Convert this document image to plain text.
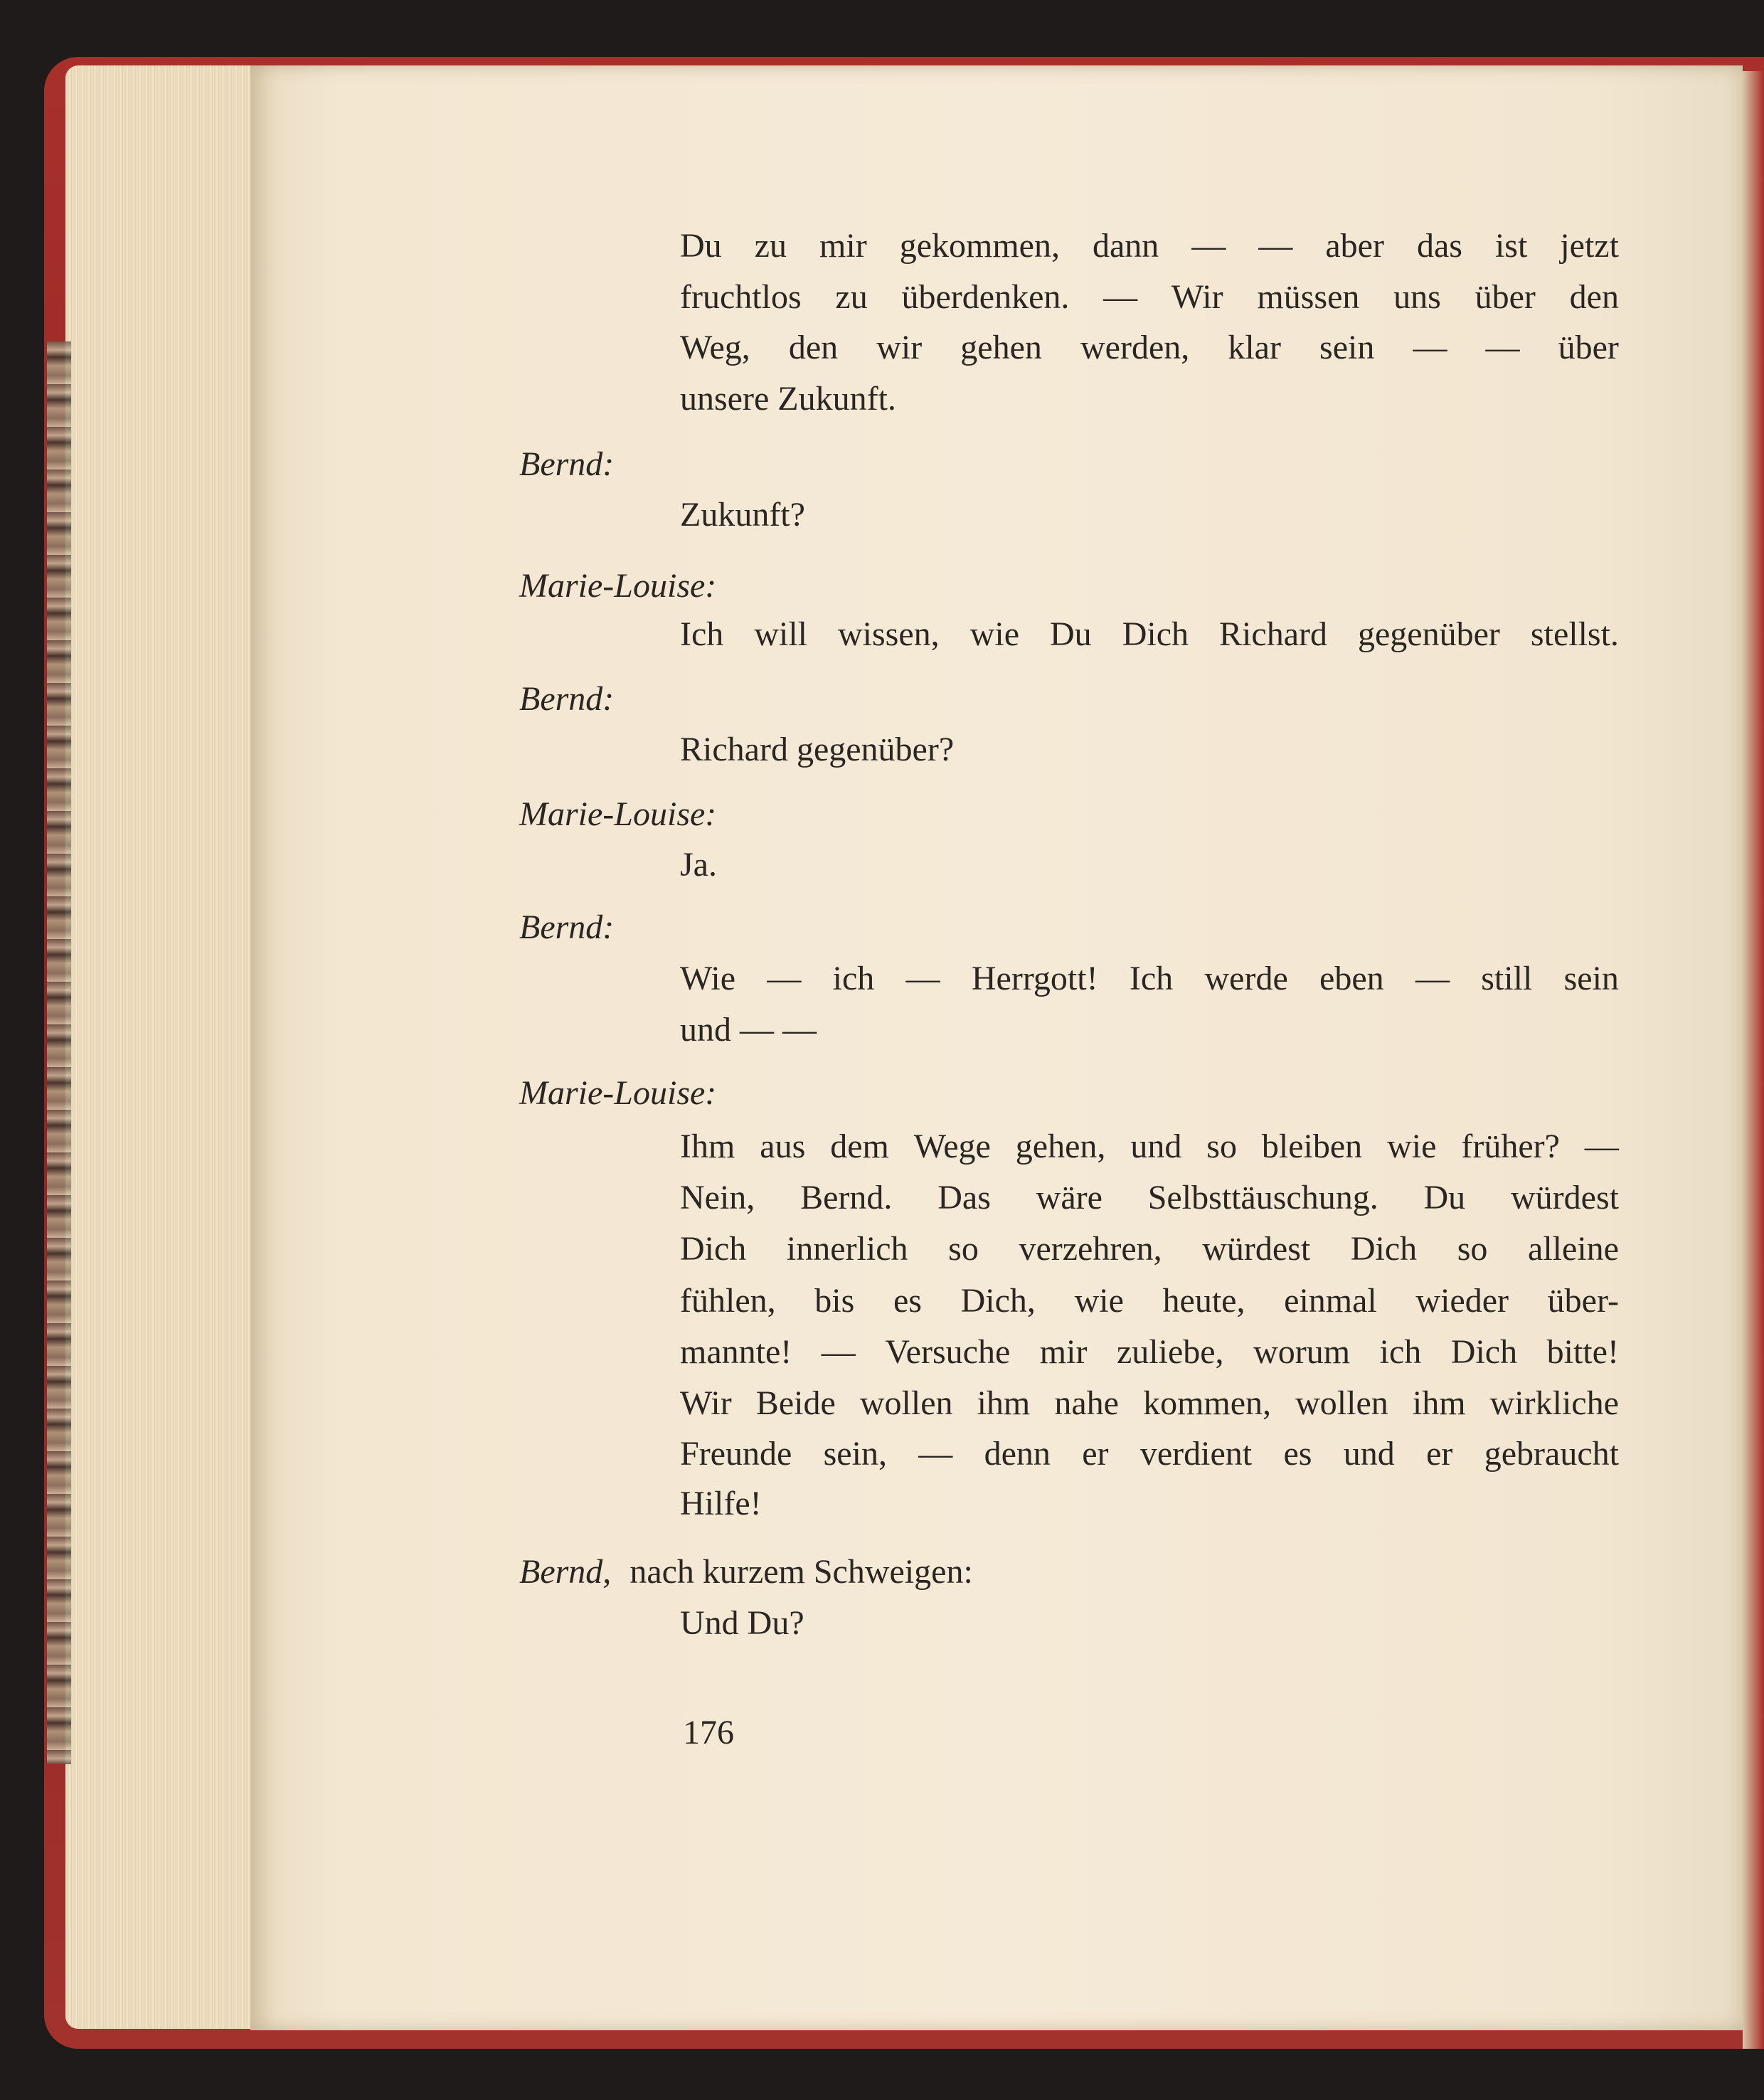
Du zu mir gekommen, dann — — aber das ist jetzt
fruchtlos zu überdenken. — Wir müssen uns über den
Weg, den wir gehen werden, klar sein — — über
unsere Zukunft.
Bernd:
Zukunft?
Marie-Louise:
Ich will wissen, wie Du Dich Richard gegenüber stellst.
Bernd:
Richard gegenüber?
Marie-Louise:
Ja.
Bernd:
Wie — ich — Herrgott! Ich werde eben — still sein
und — —
Marie-Louise:
Ihm aus dem Wege gehen, und so bleiben wie früher? —
Nein, Bernd. Das wäre Selbsttäuschung. Du würdest
Dich innerlich so verzehren, würdest Dich so alleine
fühlen, bis es Dich, wie heute, einmal wieder über-
mannte! — Versuche mir zuliebe, worum ich Dich bitte!
Wir Beide wollen ihm nahe kommen, wollen ihm wirkliche
Freunde sein, — denn er verdient es und er gebraucht
Hilfe!
Bernd, nach kurzem Schweigen:
Und Du?
176
